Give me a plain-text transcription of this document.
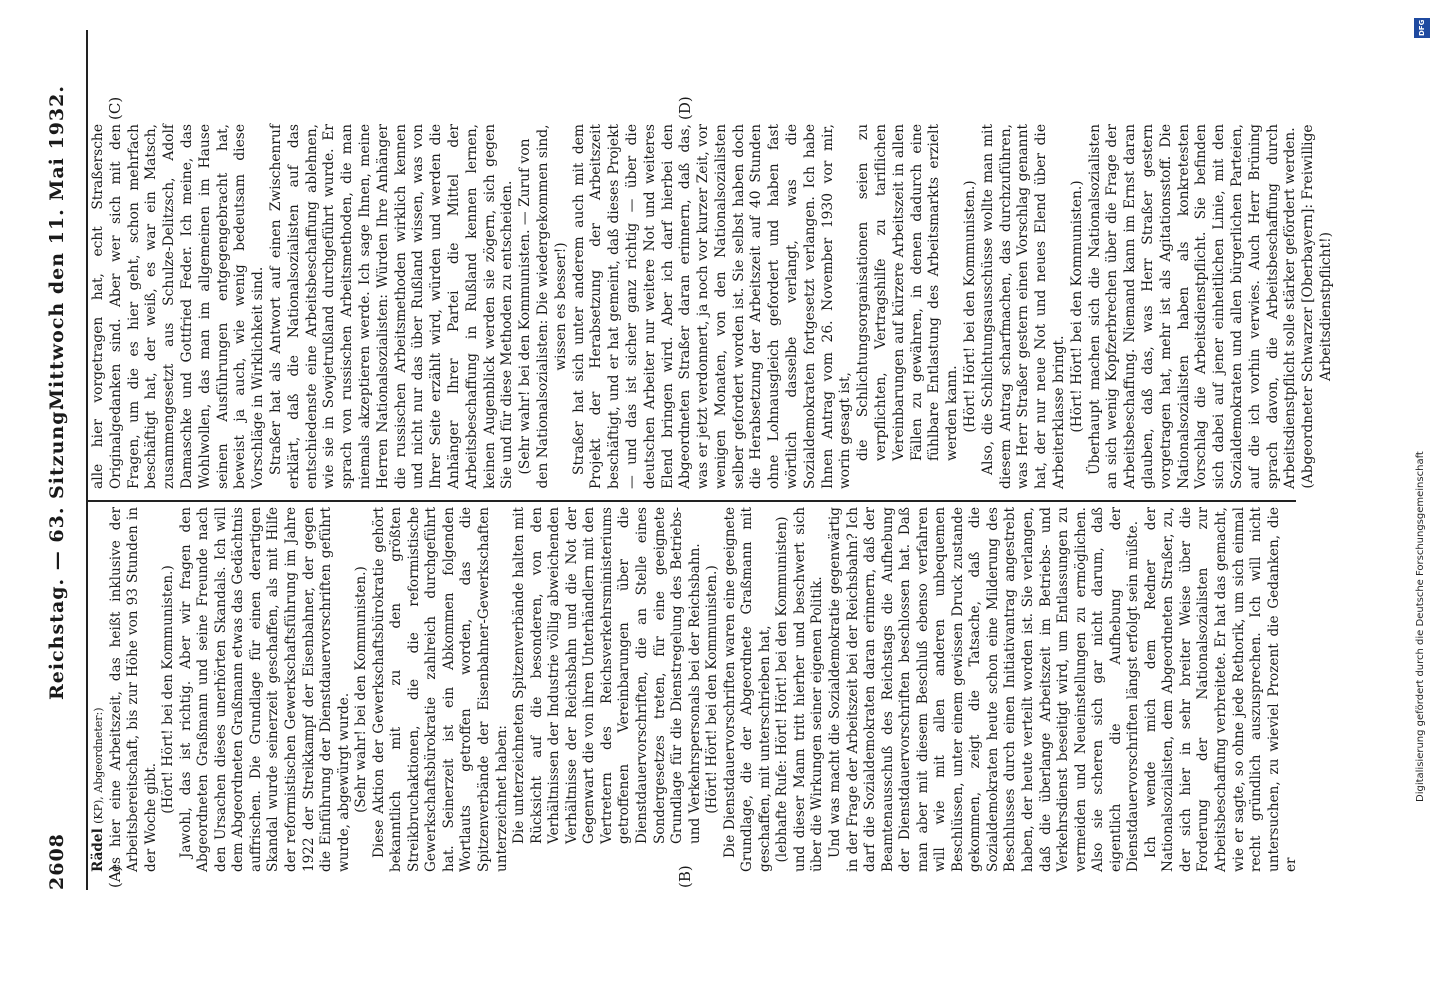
2608
Reichstag. — 63. Sitzung.
Mittwoch den 11. Mai 1932.
(A)	(B)
(C)	(D)

Rädel (KP), Abgeordneter:) es hier eine Arbeitszeit, das heißt inklusive der Arbeitsbereitschaft, bis zur Höhe von 93 Stunden in der Woche gibt.

(Hört! Hört! bei den Kommunisten.) Jawohl, das ist richtig. Aber wir fragen den Abgeordneten Graßmann und seine Freunde nach den Ursachen dieses unerhörten Skandals. Ich will dem Abgeordneten Graßmann etwas das Gedächtnis auffrischen. Die Grundlage für einen derartigen Skandal wurde seinerzeit geschaffen, als mit Hilfe der reformistischen Gewerkschaftsführung im Jahre 1922 der Streikkampf der Eisenbahner, der gegen die Einführung der Dienstdauervorschriften geführt wurde, abgewürgt wurde. (Sehr wahr! bei den Kommunisten.) Diese Aktion der Gewerkschaftsbürokratie gehört bekanntlich mit zu den größten Streikbruchaktionen, die die reformistische Gewerkschaftsbürokratie zahlreich durchgeführt hat. Seinerzeit ist ein Abkommen folgenden Wortlauts getroffen worden, das die Spitzenverbände der Eisenbahner-Gewerkschaften unterzeichnet haben: Die unterzeichneten Spitzenverbände halten mit Rücksicht auf die besonderen, von den Verhältnissen der Industrie völlig abweichenden Verhältnisse der Reichsbahn und die Not der Gegenwart die von ihren Unterhändlern mit den Vertretern des Reichsverkehrsministeriums getroffenen Vereinbarungen über die Dienstdauervorschriften, die an Stelle eines Sondergesetzes treten, für eine geeignete Grundlage für die Dienstregelung des Betriebs- und Verkehrspersonals bei der Reichsbahn. (Hört! Hört! bei den Kommunisten.) Die Dienstdauervorschriften waren eine geeignete Grundlage, die der Abgeordnete Graßmann mit geschaffen, mit unterschrieben hat, (lebhafte Rufe: Hört! Hört! bei den Kommunisten) und dieser Mann tritt hierher und beschwert sich über die Wirkungen seiner eigenen Politik. Und was macht die Sozialdemokratie gegenwärtig in der Frage der Arbeitszeit bei der Reichsbahn? Ich darf die Sozialdemokraten daran erinnern, daß der Beamtenausschuß des Reichstags die Aufhebung der Dienstdauervorschriften beschlossen hat. Daß man aber mit diesem Beschluß ebenso verfahren will wie mit allen anderen unbequemen Beschlüssen, unter einem gewissen Druck zustande gekommen, zeigt die Tatsache, daß die Sozialdemokraten heute schon eine Milderung des Beschlusses durch einen Initiativantrag angestrebt haben, der heute verteilt worden ist. Sie verlangen, daß die überlange Arbeitszeit im Betriebs- und Verkehrsdienst beseitigt wird, um Entlassungen zu vermeiden und Neueinstellungen zu ermöglichen. Also sie scheren sich gar nicht darum, daß eigentlich die Aufhebung der Dienstdauervorschriften längst erfolgt sein müßte. Ich wende mich dem Redner der Nationalsozialisten, dem Abgeordneten Straßer, zu, der sich hier in sehr breiter Weise über die Forderung der Nationalsozialisten zur Arbeitsbeschaffung verbreitete. Er hat das gemacht, wie er sagte, so ohne jede Rethorik, um sich einmal recht gründlich auszusprechen. Ich will nicht untersuchen, zu wieviel Prozent die Gedanken, die er

alle hier vorgetragen hat, echt Straßersche Originalgedanken sind. Aber wer sich mit den Fragen, um die es hier geht, schon mehrfach beschäftigt hat, der weiß, es war ein Matsch, zusammengesetzt aus Schulze-Delitzsch, Adolf Damaschke und Gottfried Feder. Ich meine, das Wohlwollen, das man im allgemeinen im Hause seinen Ausführungen entgegengebracht hat, beweist ja auch, wie wenig bedeutsam diese Vorschläge in Wirklichkeit sind. Straßer hat als Antwort auf einen Zwischenruf erklärt, daß die Nationalsozialisten auf das entschiedenste eine Arbeitsbeschaffung ablehnen, wie sie in Sowjetrußland durchgeführt wurde. Er sprach von russischen Arbeitsmethoden, die man niemals akzeptieren werde. Ich sage Ihnen, meine Herren Nationalsozialisten: Würden Ihre Anhänger die russischen Arbeitsmethoden wirklich kennen und nicht nur das über Rußland wissen, was von Ihrer Seite erzählt wird, würden und werden die Anhänger Ihrer Partei die Mittel der Arbeitsbeschaffung in Rußland kennen lernen, keinen Augenblick werden sie zögern, sich gegen Sie und für diese Methoden zu entscheiden. (Sehr wahr! bei den Kommunisten. — Zuruf von den Nationalsozialisten: Die wiedergekommen sind, wissen es besser!) Straßer hat sich unter anderem auch mit dem Projekt der Herabsetzung der Arbeitszeit beschäftigt, und er hat gemeint, daß dieses Projekt — und das ist sicher ganz richtig — über die deutschen Arbeiter nur weitere Not und weiteres Elend bringen wird. Aber ich darf hierbei den Abgeordneten Straßer daran erinnern, daß das, was er jetzt verdonnert, ja noch vor kurzer Zeit, vor wenigen Monaten, von den Nationalsozialisten selber gefordert worden ist. Sie selbst haben doch die Herabsetzung der Arbeitszeit auf 40 Stunden ohne Lohnausgleich gefordert und haben fast wörtlich dasselbe verlangt, was die Sozialdemokraten fortgesetzt verlangen. Ich habe Ihnen Antrag vom 26. November 1930 vor mir, worin gesagt ist, die Schlichtungsorganisationen seien zu verpflichten, Vertragshilfe zu tariflichen Vereinbarungen auf kürzere Arbeitszeit in allen Fällen zu gewähren, in denen dadurch eine fühlbare Entlastung des Arbeitsmarkts erzielt werden kann. (Hört! Hört! bei den Kommunisten.) Also, die Schlichtungsausschüsse wollte man mit diesem Antrag scharfmachen, das durchzuführen, was Herr Straßer gestern einen Vorschlag genannt hat, der nur neue Not und neues Elend über die Arbeiterklasse bringt. (Hört! Hört! bei den Kommunisten.) Überhaupt machen sich die Nationalsozialisten an sich wenig Kopfzerbrechen über die Frage der Arbeitsbeschaffung. Niemand kann im Ernst daran glauben, daß das, was Herr Straßer gestern vorgetragen hat, mehr ist als Agitationsstoff. Die Nationalsozialisten haben als konkretesten Vorschlag die Arbeitsdienstpflicht. Sie befinden sich dabei auf jener einheitlichen Linie, mit den Sozialdemokraten und allen bürgerlichen Parteien, auf die ich vorhin verwies. Auch Herr Brüning sprach davon, die Arbeitsbeschaffung durch Arbeitsdienstpflicht solle stärker gefördert werden. (Abgeordneter Schwarzer [Oberbayern]: Freiwillige Arbeitsdienstpflicht!)

DFG
Digitalisierung gefördert durch die Deutsche Forschungsgemeinschaft
